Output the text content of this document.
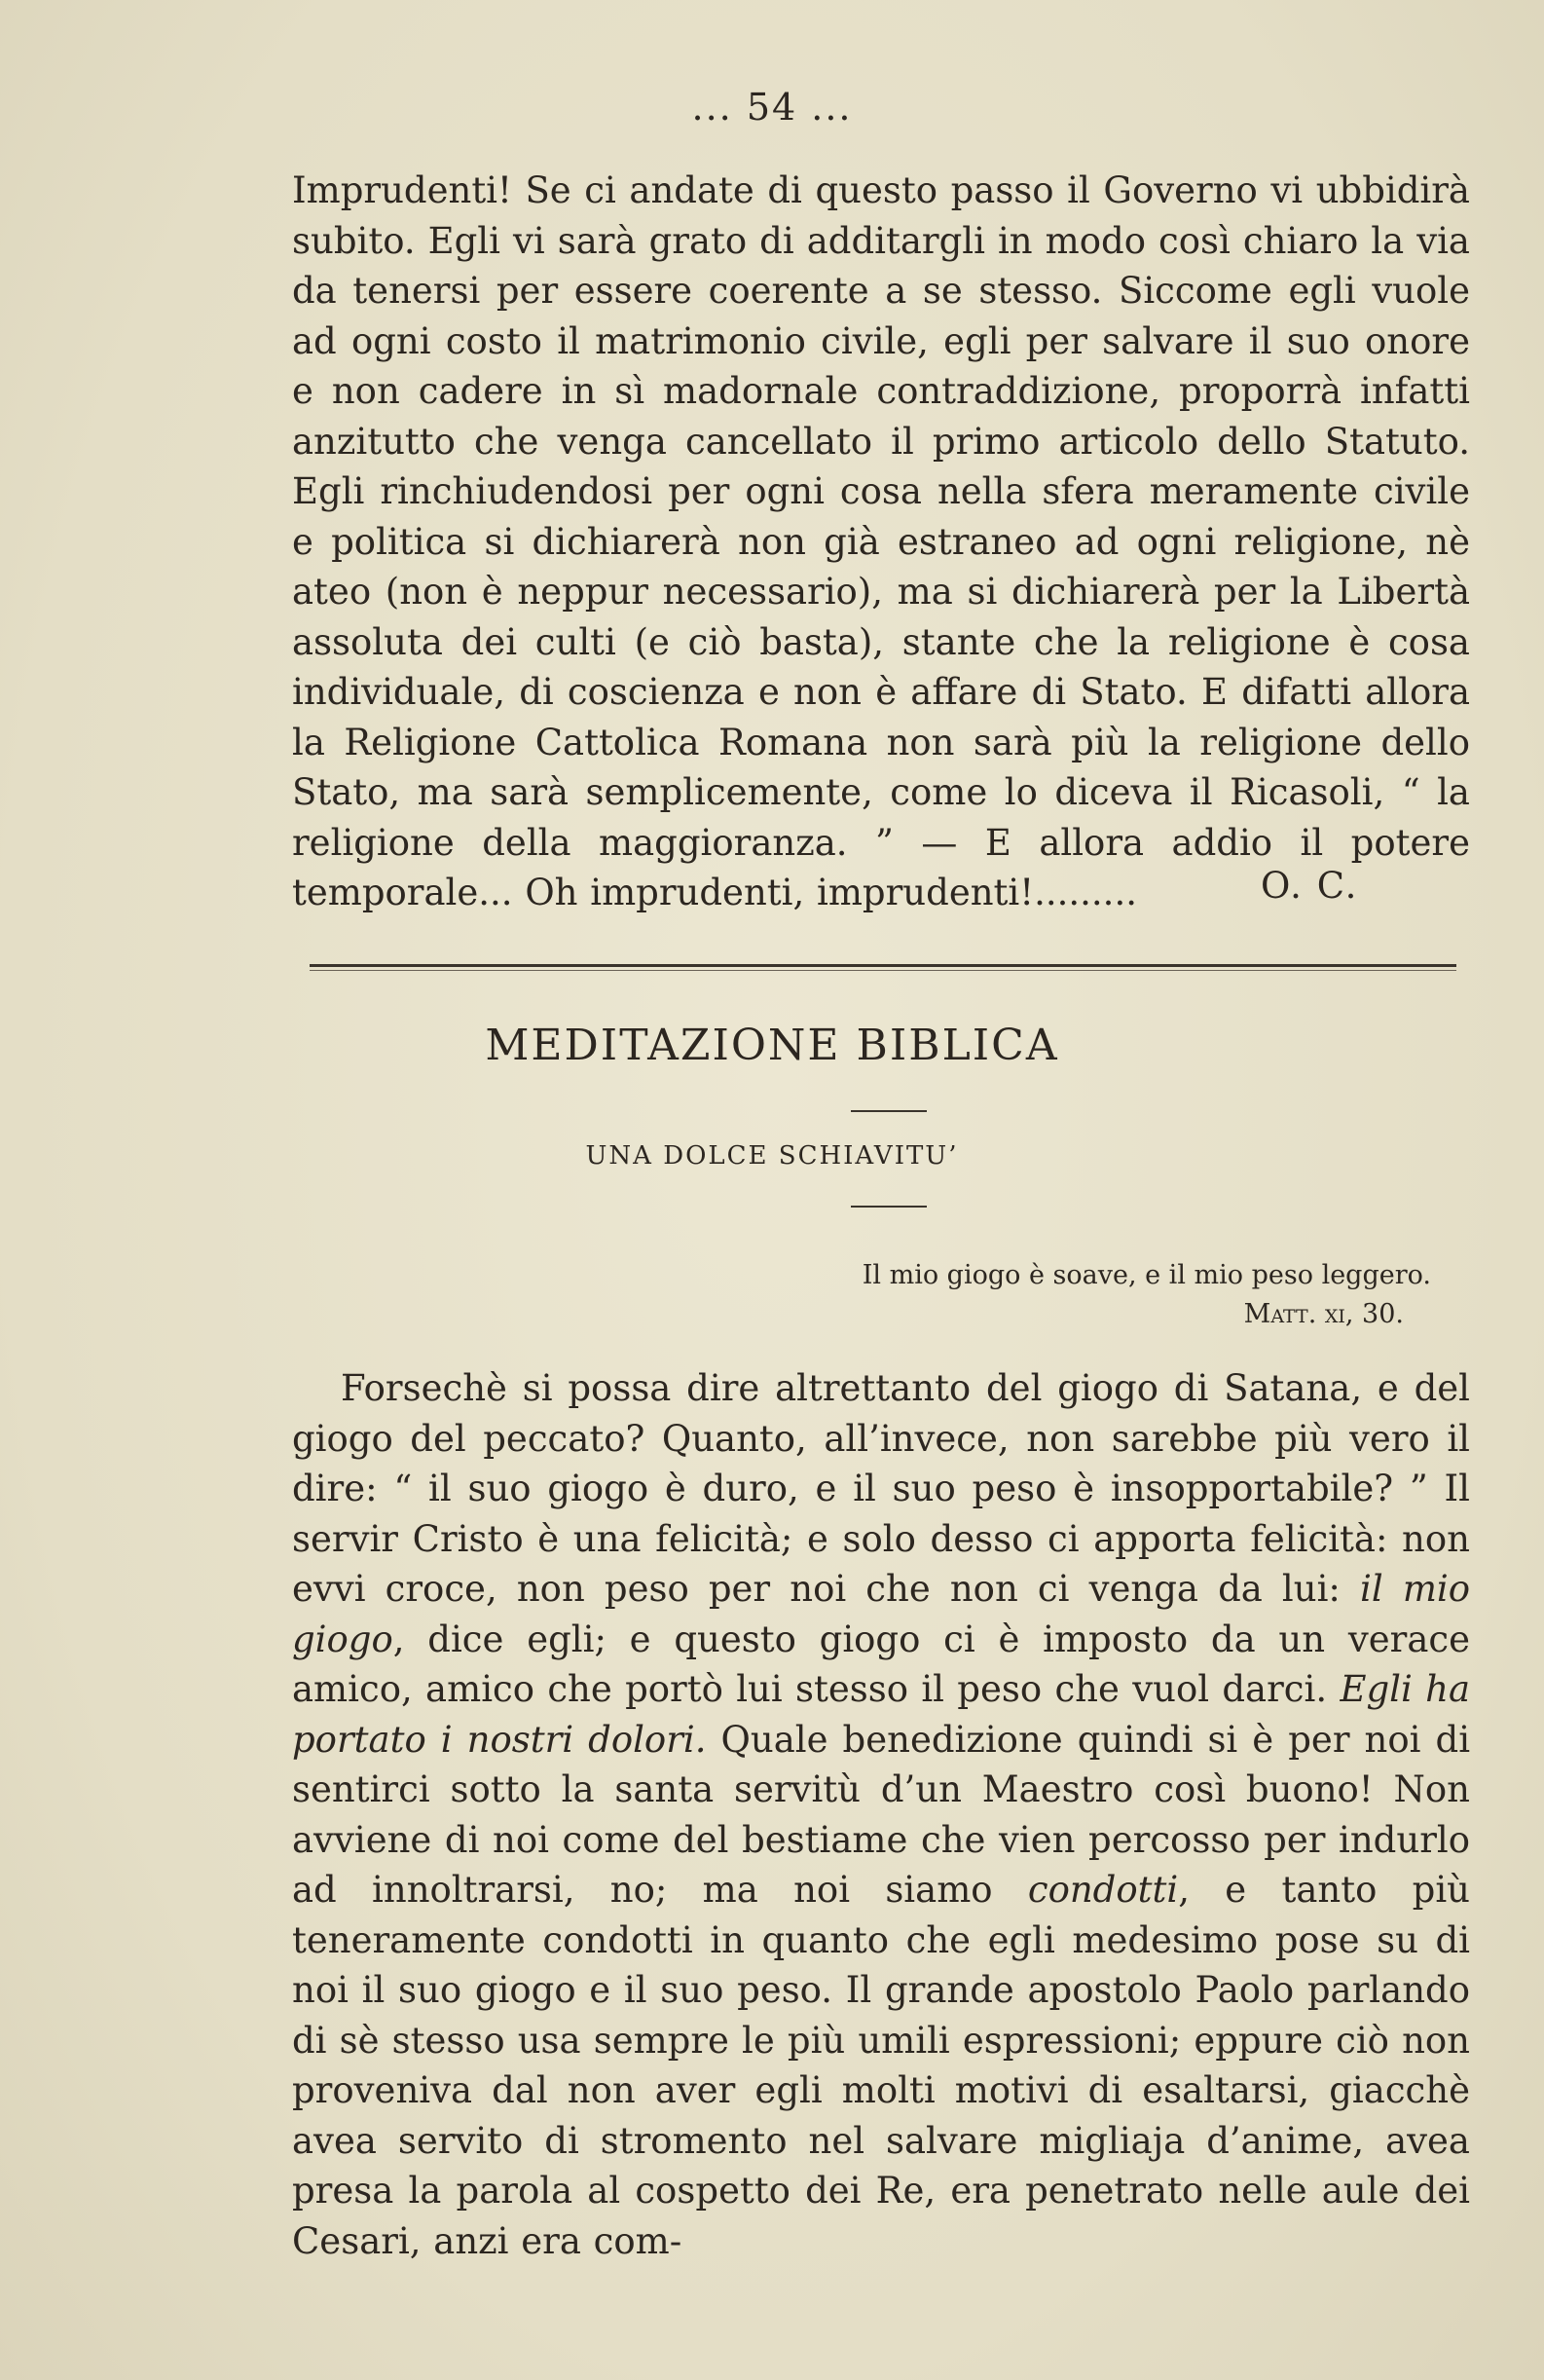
... 54 ...

Imprudenti! Se ci andate di questo passo il Governo vi ubbidirà subito. Egli vi sarà grato di additargli in modo così chiaro la via da tenersi per essere coerente a se stesso. Siccome egli vuole ad ogni costo il matrimonio civile, egli per salvare il suo onore e non cadere in sì madornale contraddizione, proporrà infatti anzitutto che venga cancellato il primo articolo dello Statuto. Egli rinchiudendosi per ogni cosa nella sfera meramente civile e politica si dichiarerà non già estraneo ad ogni religione, nè ateo (non è neppur necessario), ma si dichiarerà per la Libertà assoluta dei culti (e ciò basta), stante che la religione è cosa individuale, di coscienza e non è affare di Stato. E difatti allora la Religione Cattolica Romana non sarà più la religione dello Stato, ma sarà semplicemente, come lo diceva il Ricasoli, “ la religione della maggioranza. ” — E allora addio il potere temporale... Oh imprudenti, imprudenti!.........	O. C.
MEDITAZIONE BIBLICA
UNA DOLCE SCHIAVITU’
Il mio giogo è soave, e il mio peso leggero.
Matt. xi, 30.

Forsechè si possa dire altrettanto del giogo di Satana, e del giogo del peccato? Quanto, all’invece, non sarebbe più vero il dire: “ il suo giogo è duro, e il suo peso è insopportabile? ” Il servir Cristo è una felicità; e solo desso ci apporta felicità: non evvi croce, non peso per noi che non ci venga da lui: il mio giogo, dice egli; e questo giogo ci è imposto da un verace amico, amico che portò lui stesso il peso che vuol darci. Egli ha portato i nostri dolori. Quale benedizione quindi si è per noi di sentirci sotto la santa servitù d’un Maestro così buono! Non avviene di noi come del bestiame che vien percosso per indurlo ad innoltrarsi, no; ma noi siamo condotti, e tanto più teneramente condotti in quanto che egli medesimo pose su di noi il suo giogo e il suo peso. Il grande apostolo Paolo parlando di sè stesso usa sempre le più umili espressioni; eppure ciò non proveniva dal non aver egli molti motivi di esaltarsi, giacchè avea servito di stromento nel salvare migliaja d’anime, avea presa la parola al cospetto dei Re, era penetrato nelle aule dei Cesari, anzi era com-
